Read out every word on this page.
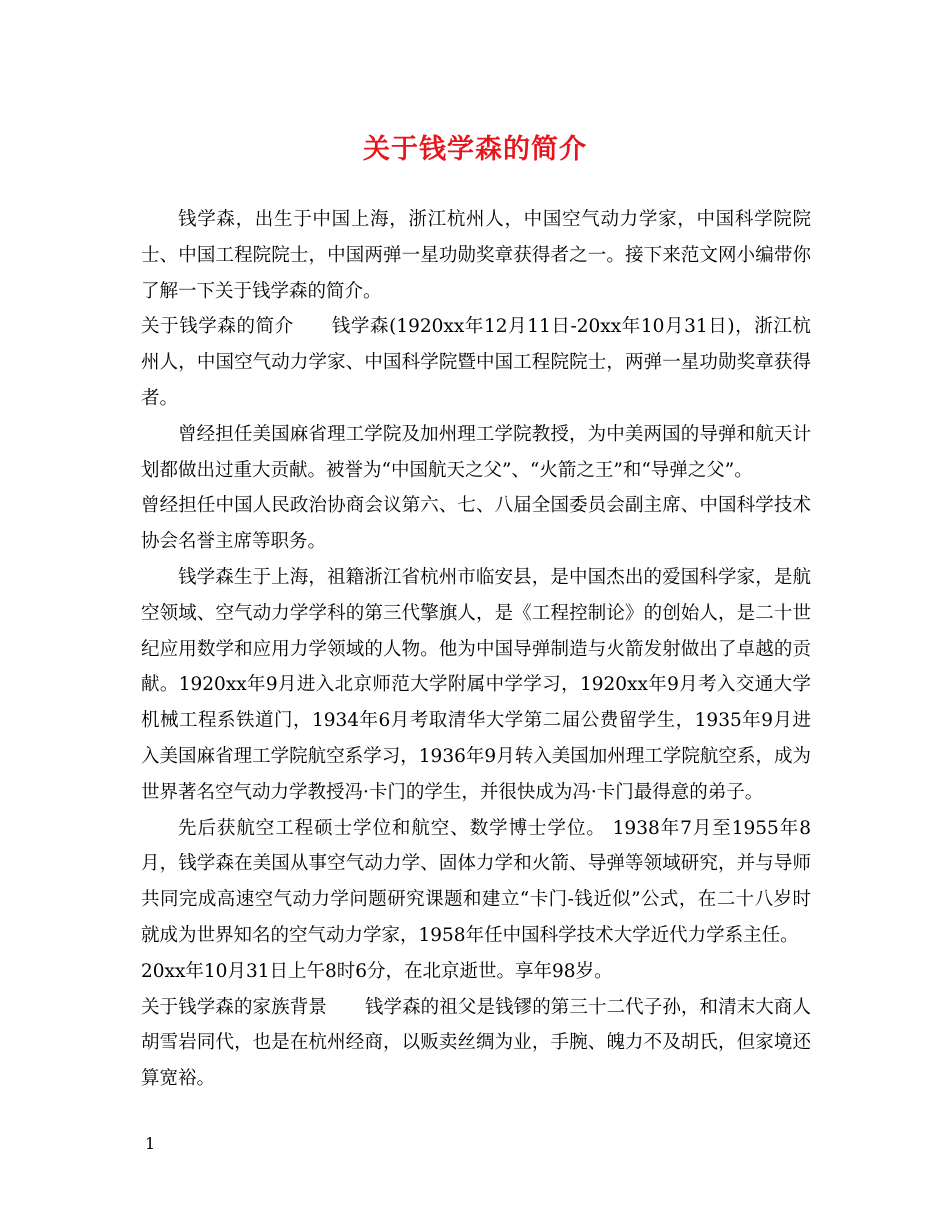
关于钱学森的简介

钱学森，出生于中国上海，浙江杭州人，中国空气动力学家，中国科学院院士、中国工程院院士，中国两弹一星功勋奖章获得者之一。接下来范文网小编带你了解一下关于钱学森的简介。

关于钱学森的简介 钱学森(1920xx年12月11日-20xx年10月31日)，浙江杭州人，中国空气动力学家、中国科学院暨中国工程院院士，两弹一星功勋奖章获得者。

曾经担任美国麻省理工学院及加州理工学院教授，为中美两国的导弹和航天计划都做出过重大贡献。被誉为“中国航天之父”、“火箭之王”和“导弹之父”。

曾经担任中国人民政治协商会议第六、七、八届全国委员会副主席、中国科学技术协会名誉主席等职务。

钱学森生于上海，祖籍浙江省杭州市临安县，是中国杰出的爱国科学家，是航空领域、空气动力学学科的第三代擎旗人，是《工程控制论》的创始人，是二十世纪应用数学和应用力学领域的人物。他为中国导弹制造与火箭发射做出了卓越的贡献。1920xx年9月进入北京师范大学附属中学学习，1920xx年9月考入交通大学机械工程系铁道门，1934年6月考取清华大学第二届公费留学生，1935年9月进入美国麻省理工学院航空系学习，1936年9月转入美国加州理工学院航空系，成为世界著名空气动力学教授冯·卡门的学生，并很快成为冯·卡门最得意的弟子。

先后获航空工程硕士学位和航空、数学博士学位。 1938年7月至1955年8月，钱学森在美国从事空气动力学、固体力学和火箭、导弹等领域研究，并与导师共同完成高速空气动力学问题研究课题和建立“卡门-钱近似”公式，在二十八岁时就成为世界知名的空气动力学家，1958年任中国科学技术大学近代力学系主任。

20xx年10月31日上午8时6分，在北京逝世。享年98岁。

关于钱学森的家族背景 钱学森的祖父是钱镠的第三十二代子孙，和清末大商人胡雪岩同代，也是在杭州经商，以贩卖丝绸为业，手腕、魄力不及胡氏，但家境还算宽裕。

1
